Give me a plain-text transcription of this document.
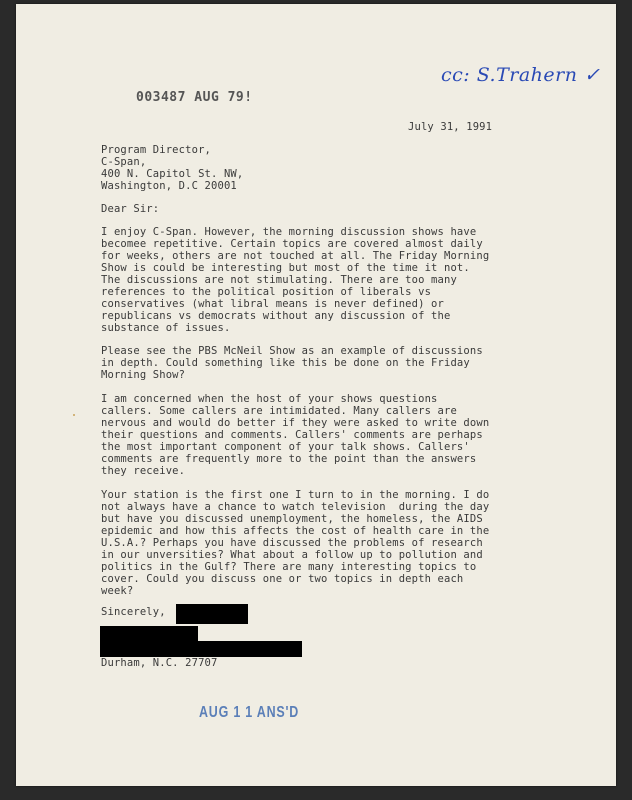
003487 AUG 79!
cc: S.Trahern ✓
July 31, 1991
Program Director,
C-Span,
400 N. Capitol St. NW,
Washington, D.C 20001
Dear Sir:
I enjoy C-Span. However, the morning discussion shows have
becomee repetitive. Certain topics are covered almost daily
for weeks, others are not touched at all. The Friday Morning
Show is could be interesting but most of the time it not.
The discussions are not stimulating. There are too many
references to the political position of liberals vs
conservatives (what libral means is never defined) or
republicans vs democrats without any discussion of the
substance of issues.
Please see the PBS McNeil Show as an example of discussions
in depth. Could something like this be done on the Friday
Morning Show?
I am concerned when the host of your shows questions
callers. Some callers are intimidated. Many callers are
nervous and would do better if they were asked to write down
their questions and comments. Callers' comments are perhaps
the most important component of your talk shows. Callers'
comments are frequently more to the point than the answers
they receive.
Your station is the first one I turn to in the morning. I do
not always have a chance to watch television  during the day
but have you discussed unemployment, the homeless, the AIDS
epidemic and how this affects the cost of health care in the
U.S.A.? Perhaps you have discussed the problems of research
in our unversities? What about a follow up to pollution and
politics in the Gulf? There are many interesting topics to
cover. Could you discuss one or two topics in depth each
week?
Sincerely,
Durham, N.C. 27707
AUG 1 1 ANS'D
